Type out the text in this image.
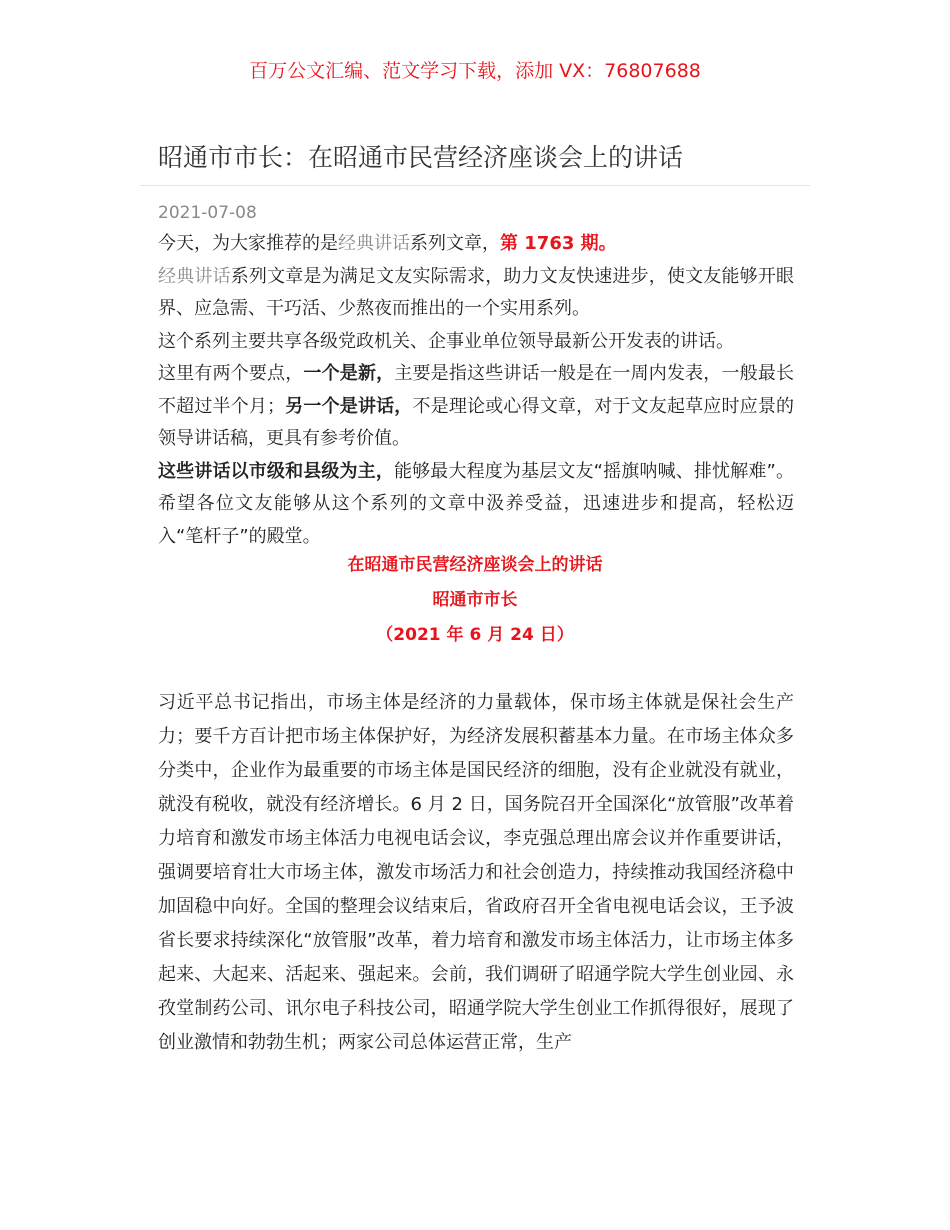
百万公文汇编、范文学习下载，添加 VX：76807688
昭通市市长：在昭通市民营经济座谈会上的讲话
2021-07-08

今天，为大家推荐的是经典讲话系列文章，第 1763 期。

经典讲话系列文章是为满足文友实际需求，助力文友快速进步，使文友能够开眼界、应急需、干巧活、少熬夜而推出的一个实用系列。

这个系列主要共享各级党政机关、企事业单位领导最新公开发表的讲话。

这里有两个要点，一个是新，主要是指这些讲话一般是在一周内发表，一般最长不超过半个月；另一个是讲话，不是理论或心得文章，对于文友起草应时应景的领导讲话稿，更具有参考价值。

这些讲话以市级和县级为主，能够最大程度为基层文友“摇旗呐喊、排忧解难”。希望各位文友能够从这个系列的文章中汲养受益，迅速进步和提高，轻松迈入“笔杆子”的殿堂。

在昭通市民营经济座谈会上的讲话
昭通市市长
（2021 年 6 月 24 日）

习近平总书记指出，市场主体是经济的力量载体，保市场主体就是保社会生产力；要千方百计把市场主体保护好，为经济发展积蓄基本力量。在市场主体众多分类中，企业作为最重要的市场主体是国民经济的细胞，没有企业就没有就业，就没有税收，就没有经济增长。6 月 2 日，国务院召开全国深化“放管服”改革着力培育和激发市场主体活力电视电话会议，李克强总理出席会议并作重要讲话，强调要培育壮大市场主体，激发市场活力和社会创造力，持续推动我国经济稳中加固稳中向好。全国的整理会议结束后，省政府召开全省电视电话会议，王予波省长要求持续深化“放管服”改革，着力培育和激发市场主体活力，让市场主体多起来、大起来、活起来、强起来。会前，我们调研了昭通学院大学生创业园、永孜堂制药公司、讯尔电子科技公司，昭通学院大学生创业工作抓得很好，展现了创业激情和勃勃生机；两家公司总体运营正常，生产
